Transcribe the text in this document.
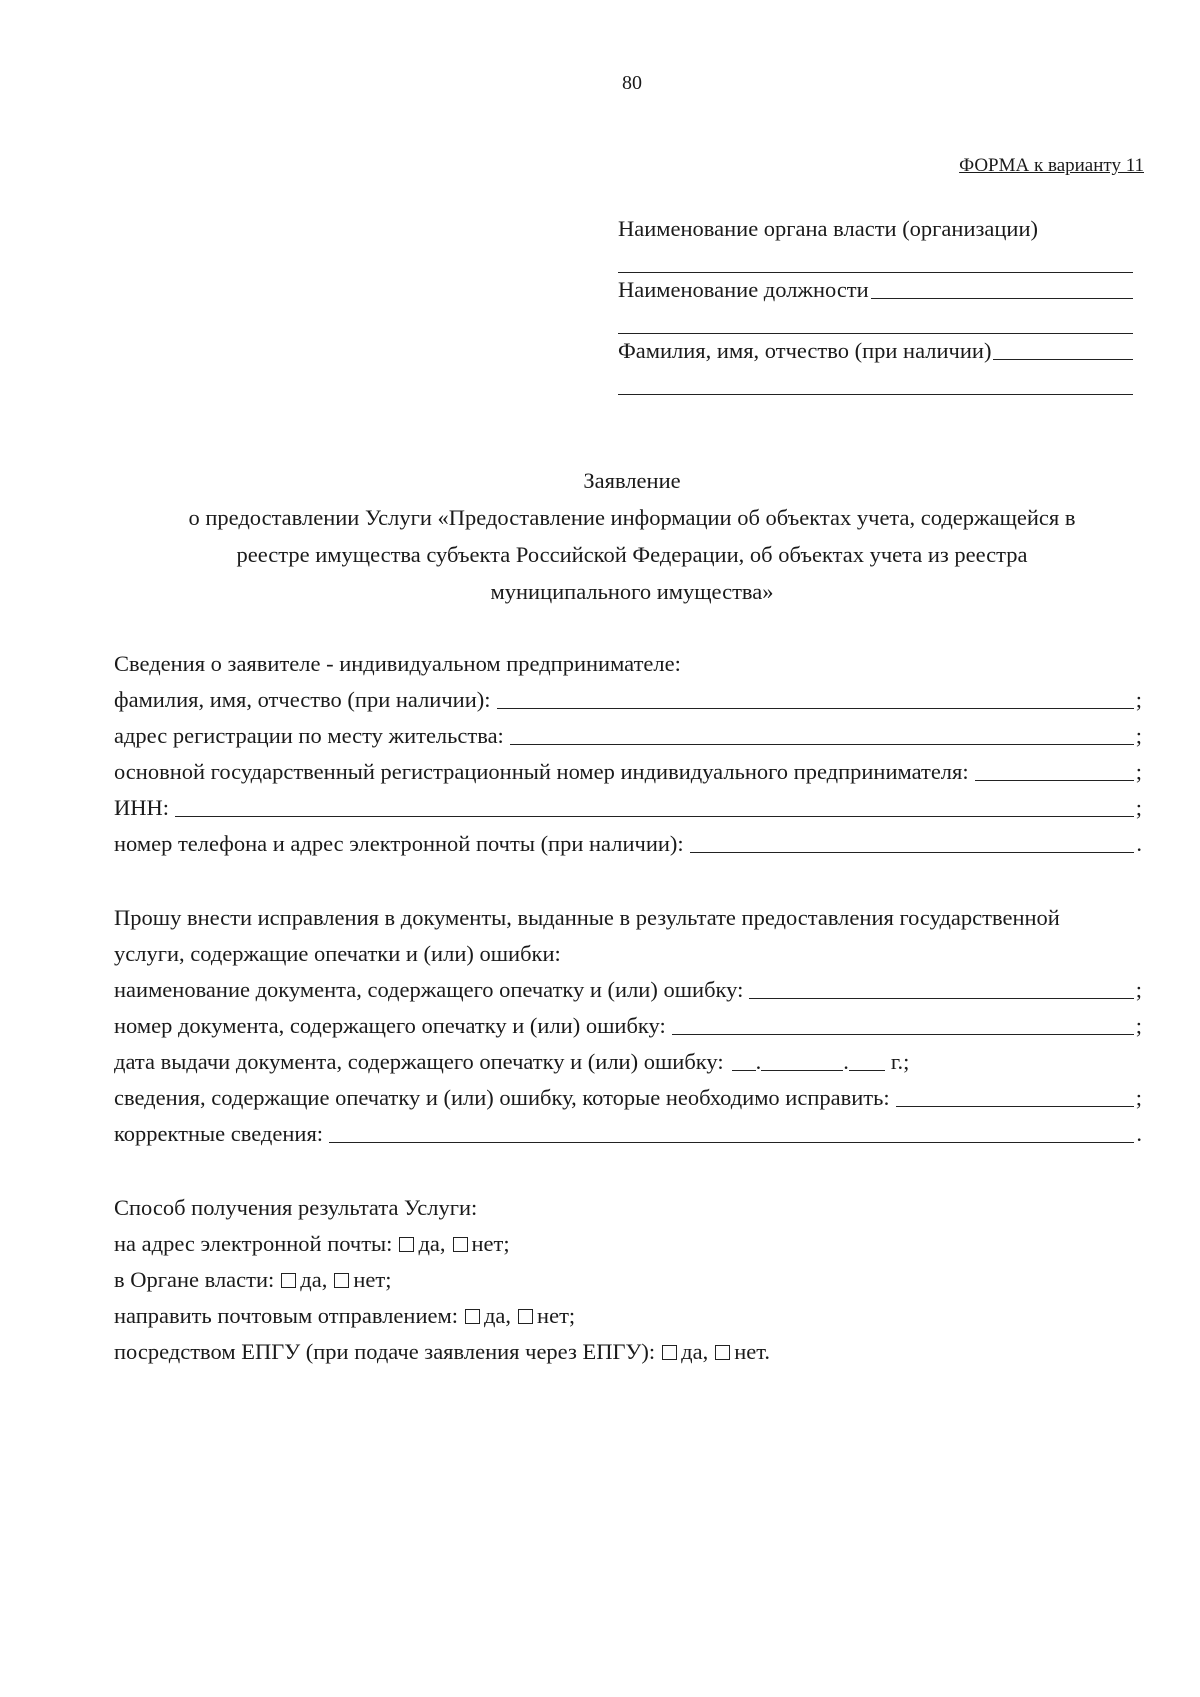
80
ФОРМА к варианту 11
Наименование органа власти (организации)
Наименование должности
Фамилия, имя, отчество (при наличии)
Заявление
о предоставлении Услуги «Предоставление информации об объектах учета, содержащейся в
реестре имущества субъекта Российской Федерации, об объектах учета из реестра
муниципального имущества»
Сведения о заявителе - индивидуальном предпринимателе:
фамилия, имя, отчество (при наличии):	;
адрес регистрации по месту жительства:	;
основной государственный регистрационный номер индивидуального предпринимателя:	;
ИНН:	;
номер телефона и адрес электронной почты (при наличии):	.
Прошу внести исправления в документы, выданные в результате предоставления государственной
услуги, содержащие опечатки и (или) ошибки:
наименование документа, содержащего опечатку и (или) ошибку:	;
номер документа, содержащего опечатку и (или) ошибку:	;
дата выдачи документа, содержащего опечатку и (или) ошибку: .	. г.;
сведения, содержащие опечатку и (или) ошибку, которые необходимо исправить:	;
корректные сведения:	.
Способ получения результата Услуги:
на адрес электронной почты:	да,	нет;
в Органе власти:	да,	нет;
направить почтовым отправлением:	да,	нет;
посредством ЕПГУ (при подаче заявления через ЕПГУ):	да,	нет.
